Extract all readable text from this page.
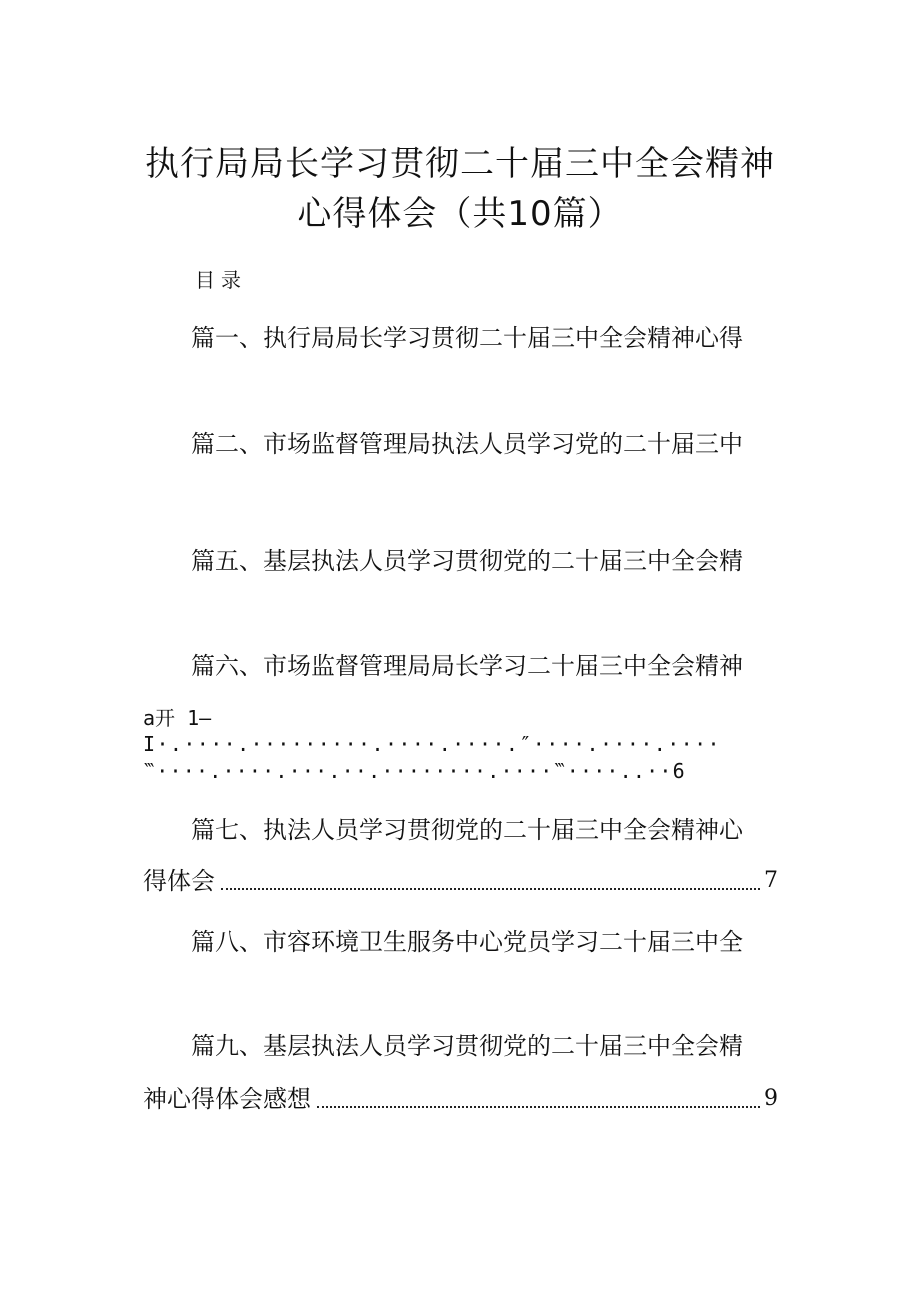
执行局局长学习贯彻二十届三中全会精神
心得体会（共10篇）
目录
篇一、执行局局长学习贯彻二十届三中全会精神心得
篇二、市场监督管理局执法人员学习党的二十届三中
篇五、基层执法人员学习贯彻党的二十届三中全会精
篇六、市场监督管理局局长学习二十届三中全会精神
a开 1—
I·.····.·········.····.····.″····.····.····
‷····.····.···.··.········.····‷····..··6
篇七、执法人员学习贯彻党的二十届三中全会精神心
得体会	7
篇八、市容环境卫生服务中心党员学习二十届三中全
篇九、基层执法人员学习贯彻党的二十届三中全会精
神心得体会感想	9
